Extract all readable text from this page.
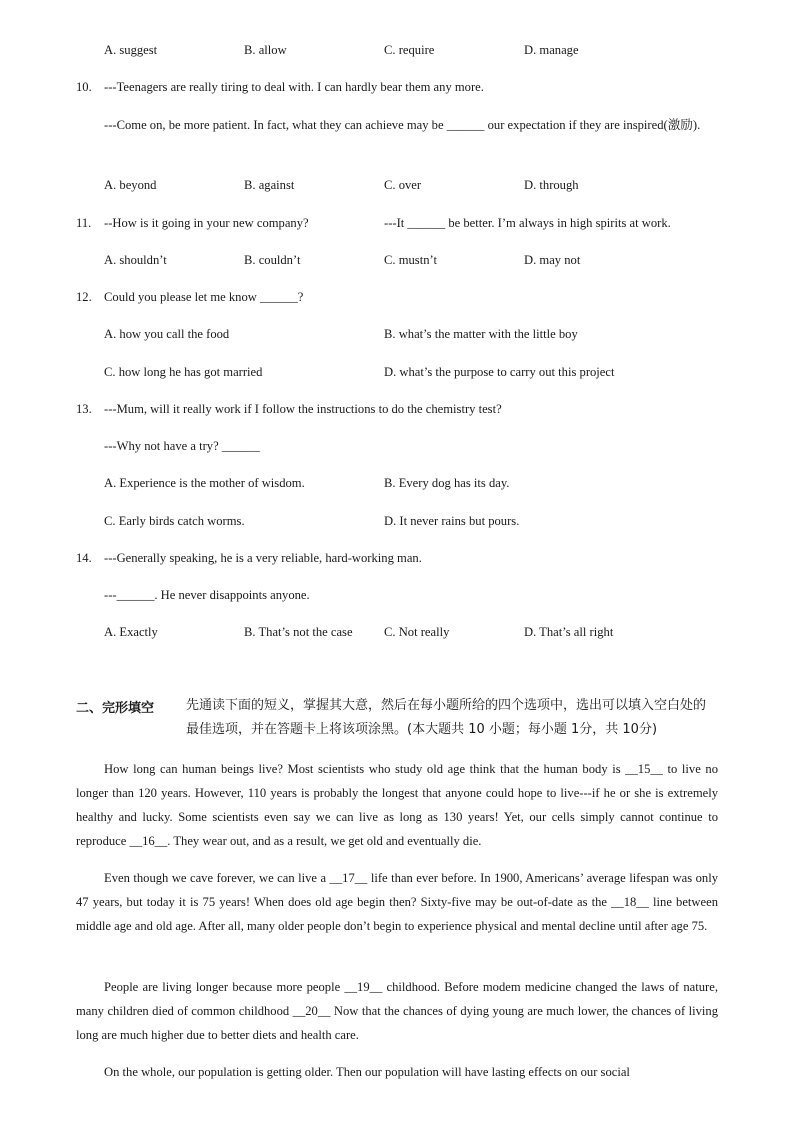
A. suggest	B. allow	C. require	D. manage
10. ---Teenagers are really tiring to deal with. I can hardly bear them any more.
---Come on, be more patient. In fact, what they can achieve may be ______ our expectation if they are inspired(激励).
A. beyond	B. against	C. over	D. through
11. --How is it going in your new company?	---It ______ be better. I’m always in high spirits at work.
A. shouldn’t	B. couldn’t	C. mustn’t	D. may not
12. Could you please let me know ______?
A. how you call the food	B. what’s the matter with the little boy
C. how long he has got married	D. what’s the purpose to carry out this project
13. ---Mum, will it really work if I follow the instructions to do the chemistry test?
---Why not have a try? ______
A. Experience is the mother of wisdom.	B. Every dog has its day.
C. Early birds catch worms.	D. It never rains but pours.
14. ---Generally speaking, he is a very reliable, hard-working man.
---______. He never disappoints anyone.
A. Exactly	B. That’s not the case C. Not really	D. That’s all right
二、完形填空 先通读下面的短义，掌握其大意，然后在每小题所给的四个选项中，选出可以填入空白处的最佳选项，并在答题卡上将该项涂黑。(本大题共 10 小题；每小题 1分，共 10分)
How long can human beings live? Most scientists who study old age think that the human body is __15__ to live no longer than 120 years. However, 110 years is probably the longest that anyone could hope to live---if he or she is extremely healthy and lucky. Some scientists even say we can live as long as 130 years! Yet, our cells simply cannot continue to reproduce __16__. They wear out, and as a result, we get old and eventually die.
Even though we cave forever, we can live a __17__ life than ever before. In 1900, Americans’ average lifespan was only 47 years, but today it is 75 years! When does old age begin then? Sixty-five may be out-of-date as the __18__ line between middle age and old age. After all, many older people don’t begin to experience physical and mental decline until after age 75.
People are living longer because more people __19__ childhood. Before modem medicine changed the laws of nature, many children died of common childhood __20__ Now that the chances of dying young are much lower, the chances of living long are much higher due to better diets and health care.
On the whole, our population is getting older. Then our population will have lasting effects on our social
